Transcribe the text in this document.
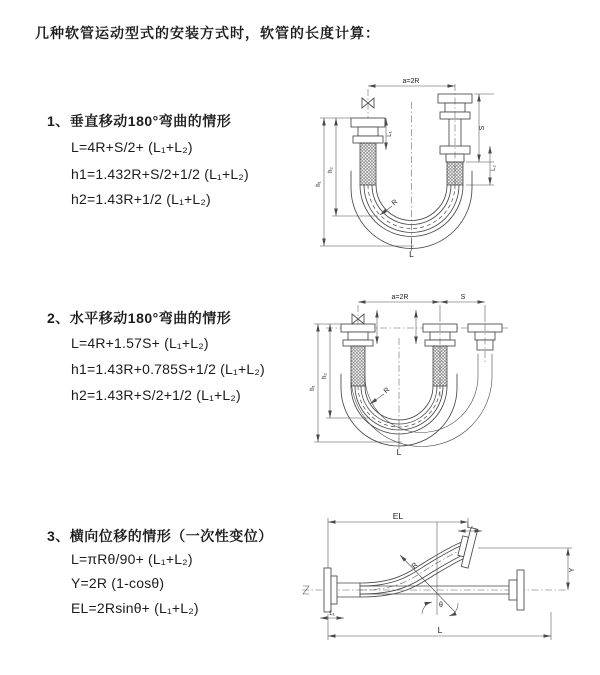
几种软管运动型式的安装方式时，软管的长度计算：
1、垂直移动180°弯曲的情形
L=4R+S/2+ (L₁+L₂)
h1=1.432R+S/2+1/2 (L₁+L₂)
h2=1.43R+1/2 (L₁+L₂)
2、水平移动180°弯曲的情形
L=4R+1.57S+ (L₁+L₂)
h1=1.43R+0.785S+1/2 (L₁+L₂)
h2=1.43R+S/2+1/2 (L₁+L₂)
3、横向位移的情形（一次性变位）
L=πRθ/90+ (L₁+L₂)
Y=2R (1-cosθ)
EL=2Rsinθ+ (L₁+L₂)
a=2R
L₁
S
L₂
h₁
h₂
R
L
a=2R	S
h₁
h₂
R
L
EL
L₂
Y
R
θ
L₁
L
